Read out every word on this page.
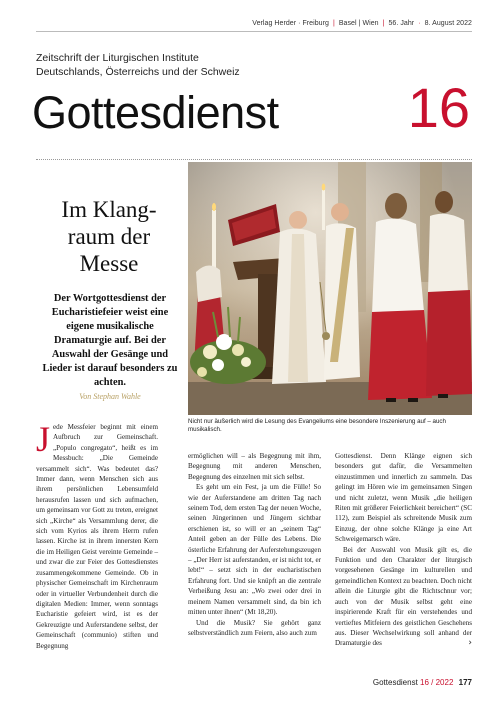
Verlag Herder · Freiburg | Basel | Wien | 56. Jahr · 8. August 2022
Zeitschrift der Liturgischen Institute
Deutschlands, Österreichs und der Schweiz
Gottesdienst 16
Im Klang-raum der Messe
Der Wortgottesdienst der Eucharistiefeier weist eine eigene musikalische Dramaturgie auf. Bei der Auswahl der Gesänge und Lieder ist darauf besonders zu achten.
Von Stephan Wahle
Nicht nur äußerlich wird die Lesung des Evangeliums eine besondere Inszenierung auf – auch musikalisch.

Jede Messfeier beginnt mit einem Aufbruch zur Gemeinschaft. „Populo congregato“, heißt es im Messbuch: „Die Gemeinde versammelt sich“. Was bedeutet das? Immer dann, wenn Menschen sich aus ihrem persönlichen Lebensumfeld herausrufen lassen und sich aufmachen, um gemeinsam vor Gott zu treten, ereignet sich „Kirche“ als Versammlung derer, die sich vom Kyrios als ihrem Herrn rufen lassen. Kirche ist in ihrem innersten Kern die im Heiligen Geist vereinte Gemeinde – und zwar die zur Feier des Gottesdienstes zusammengekommene Gemeinde. Ob in physischer Gemeinschaft im Kirchenraum oder in virtueller Verbundenheit durch die digitalen Medien: Immer, wenn sonntags Eucharistie gefeiert wird, ist es der Gekreuzigte und Auferstandene selbst, der Gemeinschaft (communio) stiften und Begegnung

ermöglichen will – als Begegnung mit ihm, Begegnung mit anderen Menschen, Begegnung des einzelnen mit sich selbst.

Es geht um ein Fest, ja um die Fülle! So wie der Auferstandene am dritten Tag nach seinem Tod, dem ersten Tag der neuen Woche, seinen Jüngerinnen und Jüngern sichtbar erschienen ist, so will er an „seinem Tag“ Anteil geben an der Fülle des Lebens. Die österliche Erfahrung der Auferstehungszeugen – „Der Herr ist auferstanden, er ist nicht tot, er lebt!“ – setzt sich in der eucharistischen Erfahrung fort. Und sie knüpft an die zentrale Verheißung Jesu an: „Wo zwei oder drei in meinem Namen versammelt sind, da bin ich mitten unter ihnen“ (Mt 18,20).

Und die Musik? Sie gehört ganz selbstverständlich zum Feiern, also auch zum

Gottesdienst. Denn Klänge eignen sich besonders gut dafür, die Versammelten einzustimmen und innerlich zu sammeln. Das gelingt im Hören wie im gemeinsamen Singen und nicht zuletzt, wenn Musik „die heiligen Riten mit größerer Feierlichkeit bereichert“ (SC 112), zum Beispiel als schreitende Musik zum Einzug, der ohne solche Klänge ja eine Art Schweigemarsch wäre.

Bei der Auswahl von Musik gilt es, die Funktion und den Charakter der liturgisch vorgesehenen Gesänge im kulturellen und gemeindlichen Kontext zu beachten. Doch nicht allein die Liturgie gibt die Richtschnur vor; auch von der Musik selbst geht eine inspirierende Kraft für ein verstehendes und vertieftes Mitfeiern des geistlichen Geschehens aus. Dieser Wechselwirkung soll anhand der Dramaturgie des	›

Gottesdienst 16 / 2022 177
